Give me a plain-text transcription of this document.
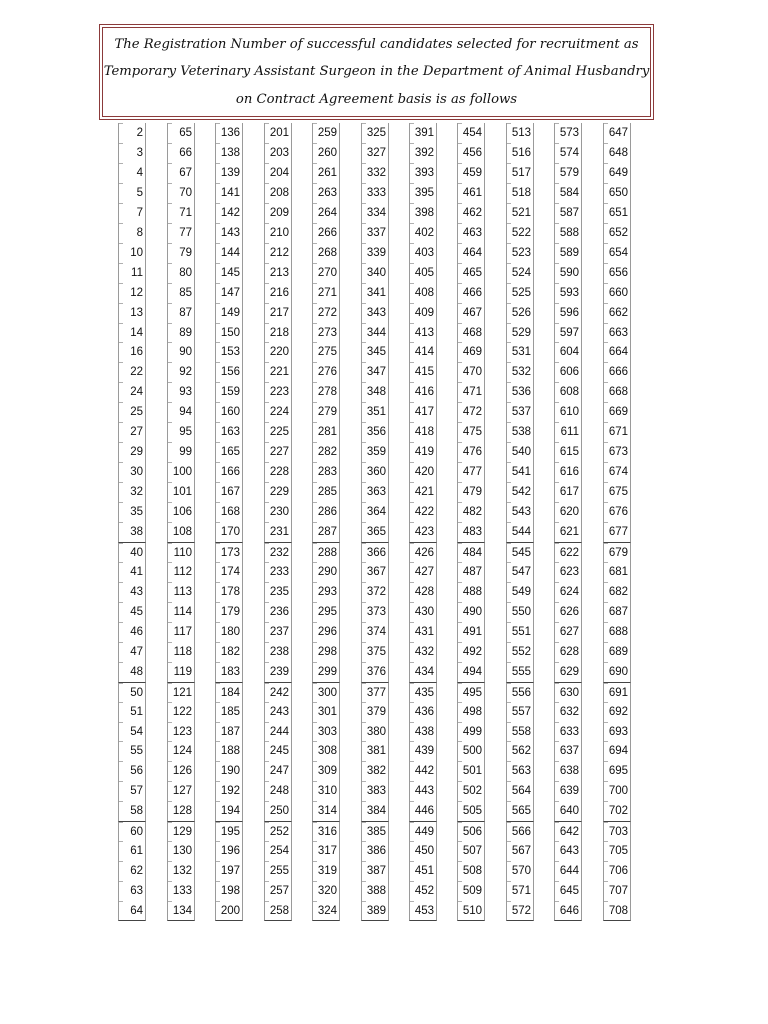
The Registration Number of successful candidates selected for recruitment as
Temporary Veterinary Assistant Surgeon in the Department of Animal Husbandry
on Contract Agreement basis is as follows
2
3
4
5
7
8
10
11
12
13
14
16
22
24
25
27
29
30
32
35
38
40
41
43
45
46
47
48
50
51
54
55
56
57
58
60
61
62
63
64
65
66
67
70
71
77
79
80
85
87
89
90
92
93
94
95
99
100
101
106
108
110
112
113
114
117
118
119
121
122
123
124
126
127
128
129
130
132
133
134
136
138
139
141
142
143
144
145
147
149
150
153
156
159
160
163
165
166
167
168
170
173
174
178
179
180
182
183
184
185
187
188
190
192
194
195
196
197
198
200
201
203
204
208
209
210
212
213
216
217
218
220
221
223
224
225
227
228
229
230
231
232
233
235
236
237
238
239
242
243
244
245
247
248
250
252
254
255
257
258
259
260
261
263
264
266
268
270
271
272
273
275
276
278
279
281
282
283
285
286
287
288
290
293
295
296
298
299
300
301
303
308
309
310
314
316
317
319
320
324
325
327
332
333
334
337
339
340
341
343
344
345
347
348
351
356
359
360
363
364
365
366
367
372
373
374
375
376
377
379
380
381
382
383
384
385
386
387
388
389
391
392
393
395
398
402
403
405
408
409
413
414
415
416
417
418
419
420
421
422
423
426
427
428
430
431
432
434
435
436
438
439
442
443
446
449
450
451
452
453
454
456
459
461
462
463
464
465
466
467
468
469
470
471
472
475
476
477
479
482
483
484
487
488
490
491
492
494
495
498
499
500
501
502
505
506
507
508
509
510
513
516
517
518
521
522
523
524
525
526
529
531
532
536
537
538
540
541
542
543
544
545
547
549
550
551
552
555
556
557
558
562
563
564
565
566
567
570
571
572
573
574
579
584
587
588
589
590
593
596
597
604
606
608
610
611
615
616
617
620
621
622
623
624
626
627
628
629
630
632
633
637
638
639
640
642
643
644
645
646
647
648
649
650
651
652
654
656
660
662
663
664
666
668
669
671
673
674
675
676
677
679
681
682
687
688
689
690
691
692
693
694
695
700
702
703
705
706
707
708
